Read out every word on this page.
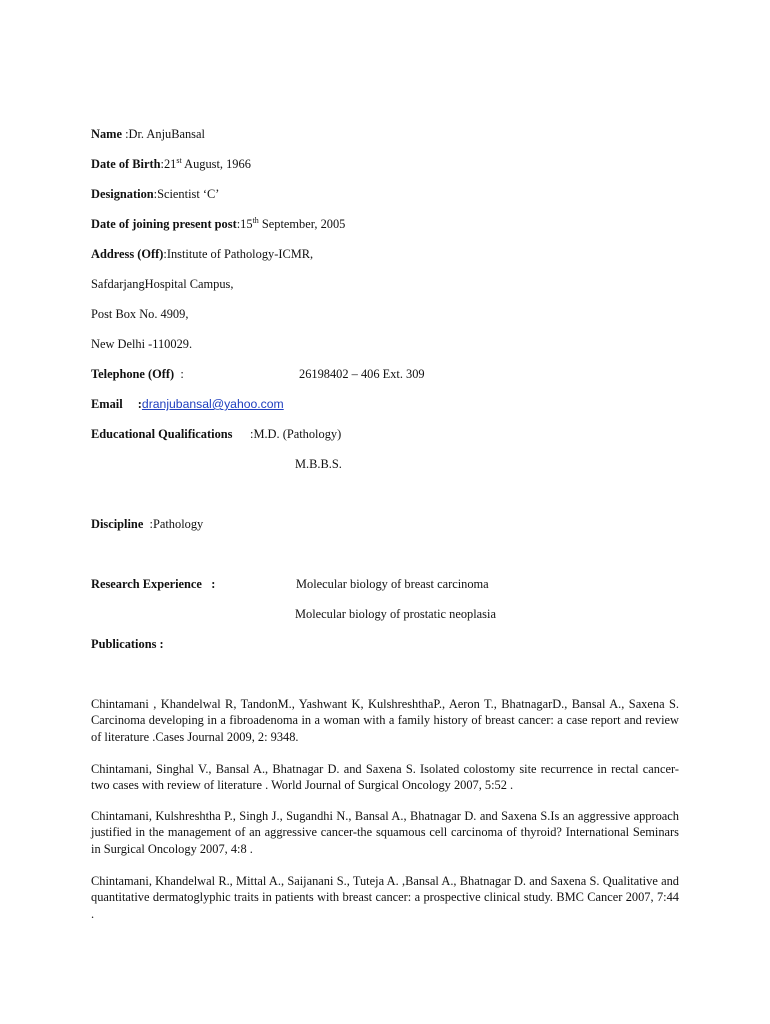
Name :Dr. AnjuBansal
Date of Birth:21st August, 1966
Designation:Scientist ‘C’
Date of joining present post:15th September, 2005
Address (Off):Institute of Pathology-ICMR,
SafdarjangHospital Campus,
Post Box No. 4909,
New Delhi -110029.
Telephone (Off) :	26198402 – 406 Ext. 309
Email :dranjubansal@yahoo.com
Educational Qualifications :M.D. (Pathology)
M.B.B.S.
Discipline :Pathology
Research Experience :	Molecular biology of breast carcinoma
Molecular biology of prostatic neoplasia
Publications :
Chintamani , Khandelwal R, TandonM., Yashwant K, KulshreshthaP., Aeron T., BhatnagarD., Bansal A., Saxena S. Carcinoma developing in a fibroadenoma in a woman with a family history of breast cancer: a case report and review of literature .Cases Journal 2009, 2: 9348.
Chintamani, Singhal V., Bansal A., Bhatnagar D. and Saxena S. Isolated colostomy site recurrence in rectal cancer-two cases with review of literature . World Journal of Surgical Oncology 2007, 5:52 .
Chintamani, Kulshreshtha P., Singh J., Sugandhi N., Bansal A., Bhatnagar D. and Saxena S.Is an aggressive approach justified in the management of an aggressive cancer-the squamous cell carcinoma of thyroid? International Seminars in Surgical Oncology 2007, 4:8 .
Chintamani, Khandelwal R., Mittal A., Saijanani S., Tuteja A. ,Bansal A., Bhatnagar D. and Saxena S. Qualitative and quantitative dermatoglyphic traits in patients with breast cancer: a prospective clinical study. BMC Cancer 2007, 7:44 .
